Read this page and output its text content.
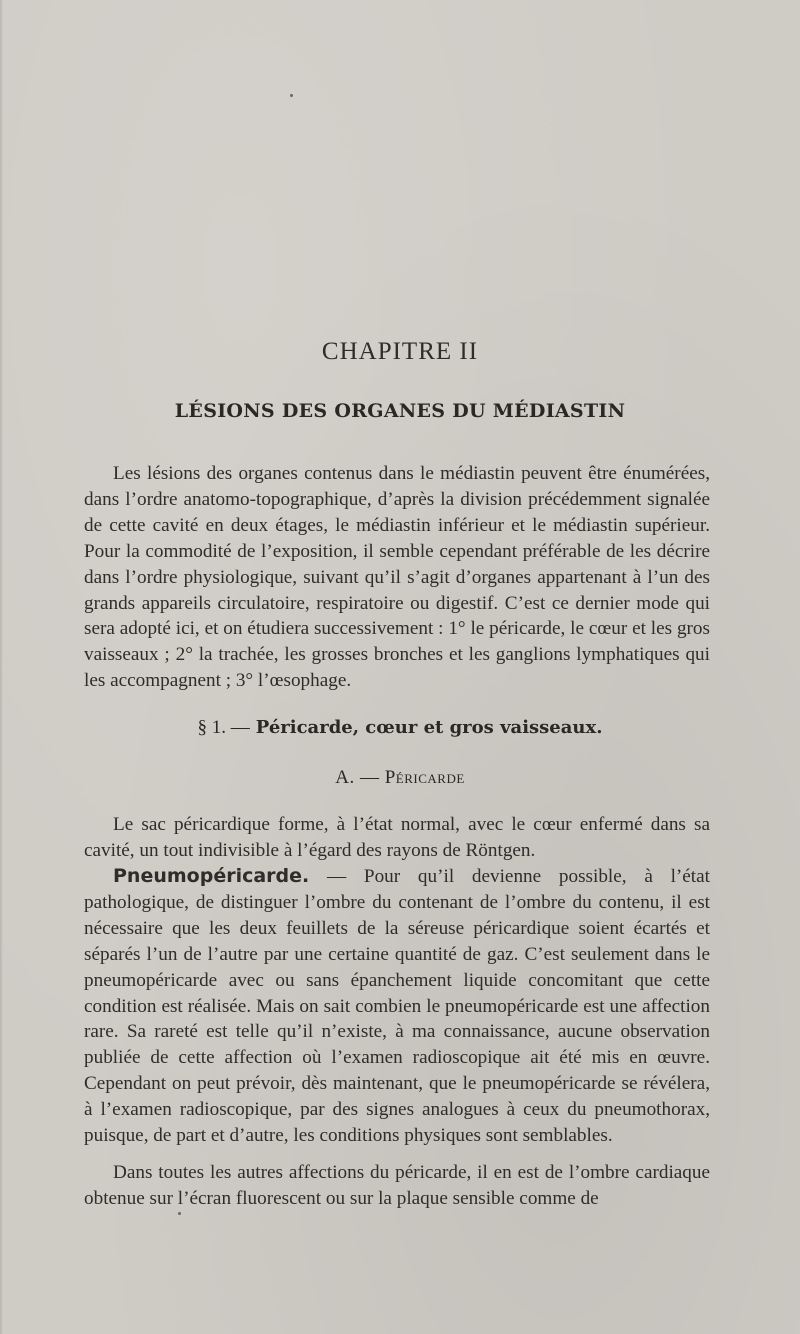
CHAPITRE II
LÉSIONS DES ORGANES DU MÉDIASTIN
Les lésions des organes contenus dans le médiastin peuvent être énumérées, dans l’ordre anatomo-topographique, d’après la division précédemment signalée de cette cavité en deux étages, le médiastin inférieur et le médiastin supérieur. Pour la commodité de l’exposition, il semble cependant préférable de les décrire dans l’ordre physiologique, suivant qu’il s’agit d’organes appartenant à l’un des grands appareils circulatoire, respiratoire ou digestif. C’est ce dernier mode qui sera adopté ici, et on étudiera successivement : 1° le péricarde, le cœur et les gros vaisseaux ; 2° la trachée, les grosses bronches et les ganglions lymphatiques qui les accompagnent ; 3° l’œsophage.
§ 1. — Péricarde, cœur et gros vaisseaux.
A. — Péricarde
Le sac péricardique forme, à l’état normal, avec le cœur enfermé dans sa cavité, un tout indivisible à l’égard des rayons de Röntgen.
Pneumopéricarde. — Pour qu’il devienne possible, à l’état pathologique, de distinguer l’ombre du contenant de l’ombre du contenu, il est nécessaire que les deux feuillets de la séreuse péricardique soient écartés et séparés l’un de l’autre par une certaine quantité de gaz. C’est seulement dans le pneumopéricarde avec ou sans épanchement liquide concomitant que cette condition est réalisée. Mais on sait combien le pneumopéricarde est une affection rare. Sa rareté est telle qu’il n’existe, à ma connaissance, aucune observation publiée de cette affection où l’examen radioscopique ait été mis en œuvre. Cependant on peut prévoir, dès maintenant, que le pneumopéricarde se révélera, à l’examen radioscopique, par des signes analogues à ceux du pneumothorax, puisque, de part et d’autre, les conditions physiques sont semblables.
Dans toutes les autres affections du péricarde, il en est de l’ombre cardiaque obtenue sur l’écran fluorescent ou sur la plaque sensible comme de
